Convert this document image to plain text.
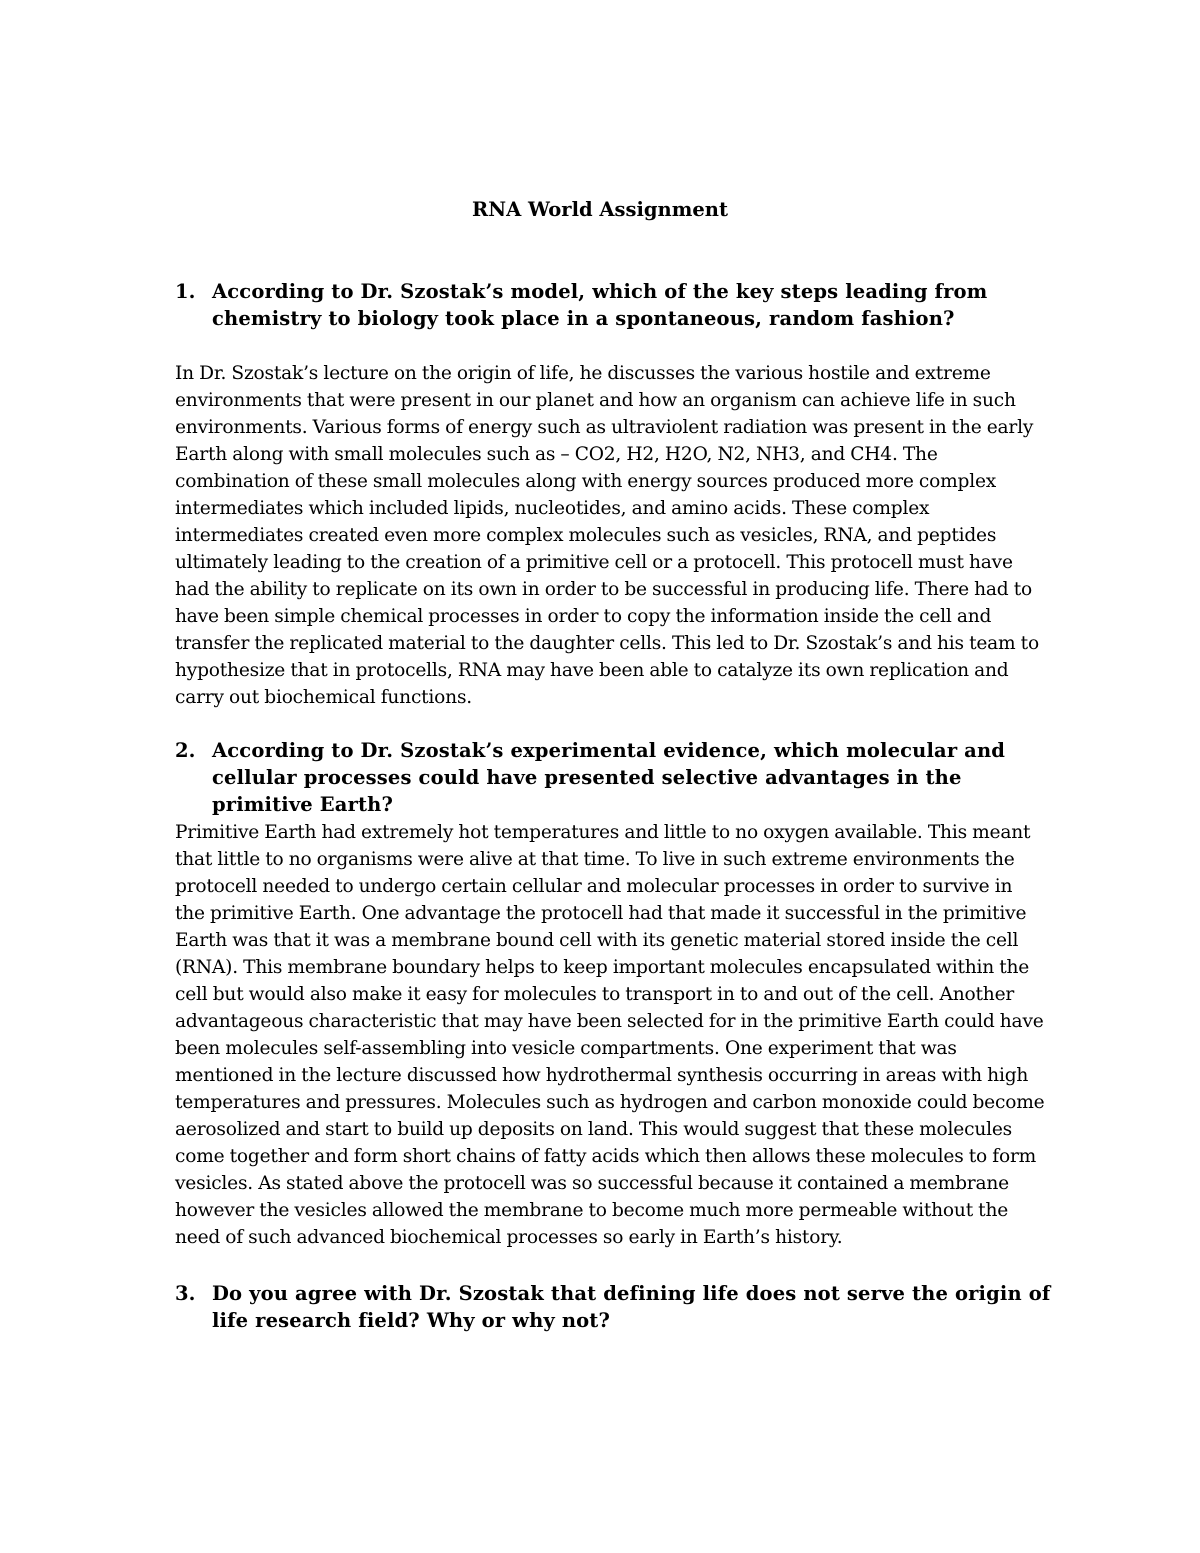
RNA World Assignment
1. According to Dr. Szostak’s model, which of the key steps leading from chemistry to biology took place in a spontaneous, random fashion?
In Dr. Szostak’s lecture on the origin of life, he discusses the various hostile and extreme
environments that were present in our planet and how an organism can achieve life in such
environments. Various forms of energy such as ultraviolent radiation was present in the early
Earth along with small molecules such as – CO2, H2, H2O, N2, NH3, and CH4. The
combination of these small molecules along with energy sources produced more complex
intermediates which included lipids, nucleotides, and amino acids. These complex
intermediates created even more complex molecules such as vesicles, RNA, and peptides
ultimately leading to the creation of a primitive cell or a protocell. This protocell must have
had the ability to replicate on its own in order to be successful in producing life. There had to
have been simple chemical processes in order to copy the information inside the cell and
transfer the replicated material to the daughter cells. This led to Dr. Szostak’s and his team to
hypothesize that in protocells, RNA may have been able to catalyze its own replication and
carry out biochemical functions.
2. According to Dr. Szostak’s experimental evidence, which molecular and cellular processes could have presented selective advantages in the primitive Earth?
Primitive Earth had extremely hot temperatures and little to no oxygen available. This meant
that little to no organisms were alive at that time. To live in such extreme environments the
protocell needed to undergo certain cellular and molecular processes in order to survive in
the primitive Earth. One advantage the protocell had that made it successful in the primitive
Earth was that it was a membrane bound cell with its genetic material stored inside the cell
(RNA). This membrane boundary helps to keep important molecules encapsulated within the
cell but would also make it easy for molecules to transport in to and out of the cell. Another
advantageous characteristic that may have been selected for in the primitive Earth could have
been molecules self-assembling into vesicle compartments. One experiment that was
mentioned in the lecture discussed how hydrothermal synthesis occurring in areas with high
temperatures and pressures. Molecules such as hydrogen and carbon monoxide could become
aerosolized and start to build up deposits on land. This would suggest that these molecules
come together and form short chains of fatty acids which then allows these molecules to form
vesicles. As stated above the protocell was so successful because it contained a membrane
however the vesicles allowed the membrane to become much more permeable without the
need of such advanced biochemical processes so early in Earth’s history.
3. Do you agree with Dr. Szostak that defining life does not serve the origin of life research field? Why or why not?
